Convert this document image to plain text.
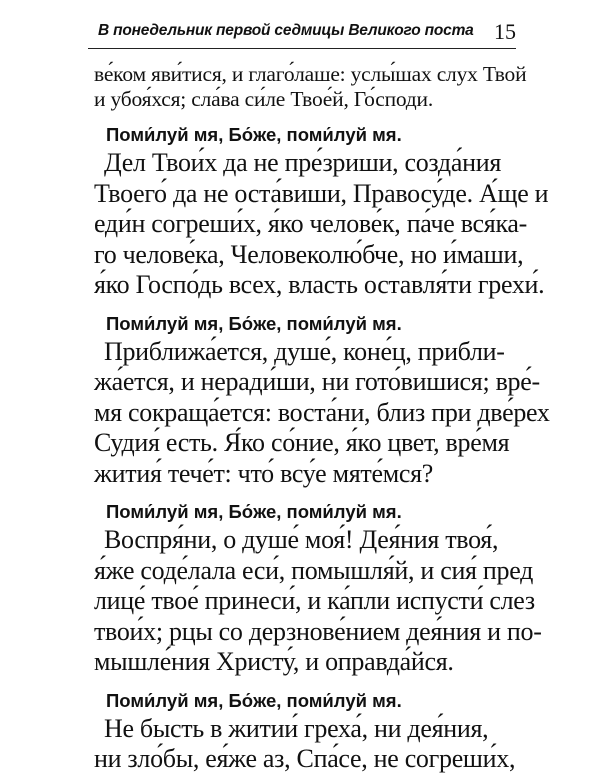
В понедельник первой седмицы Великого поста 15
ве́ком яви́тися, и глаго́лаше: услы́шах слух Твой
и убоя́хся; сла́ва си́ле Твое́й, Го́споди.
Поми́луй мя, Бо́же, поми́луй мя.
Дел Твои́х да не пре́зриши, созда́ния
Твоего́ да не оста́виши, Правосу́де. А́ще и
еди́н согреши́х, я́ко челове́к, па́че вся́ка-
го челове́ка, Человеколю́бче, но и́маши,
я́ко Госпо́дь всех, власть оставля́ти грехи́.
Поми́луй мя, Бо́же, поми́луй мя.
Приближа́ется, душе́, коне́ц, прибли-
жа́ется, и неради́ши, ни гото́вишися; вре́-
мя сокраща́ется: воста́ни, близ при две́рех
Судия́ есть. Я́ко со́ние, я́ко цвет, вре́мя
жития́ тече́т: что́ всу́е мяте́мся?
Поми́луй мя, Бо́же, поми́луй мя.
Воспря́ни, о душе́ моя́! Дея́ния твоя́,
я́же соде́лала еси́, помышля́й, и сия́ пред
лице́ твое́ принеси́, и ка́пли испусти́ слез
твои́х; рцы со дерзнове́нием дея́ния и по-
мышле́ния Христу́, и оправда́йся.
Поми́луй мя, Бо́же, поми́луй мя.
Не бысть в житии́ греха́, ни дея́ния,
ни зло́бы, ея́же аз, Спа́се, не согреши́х,
